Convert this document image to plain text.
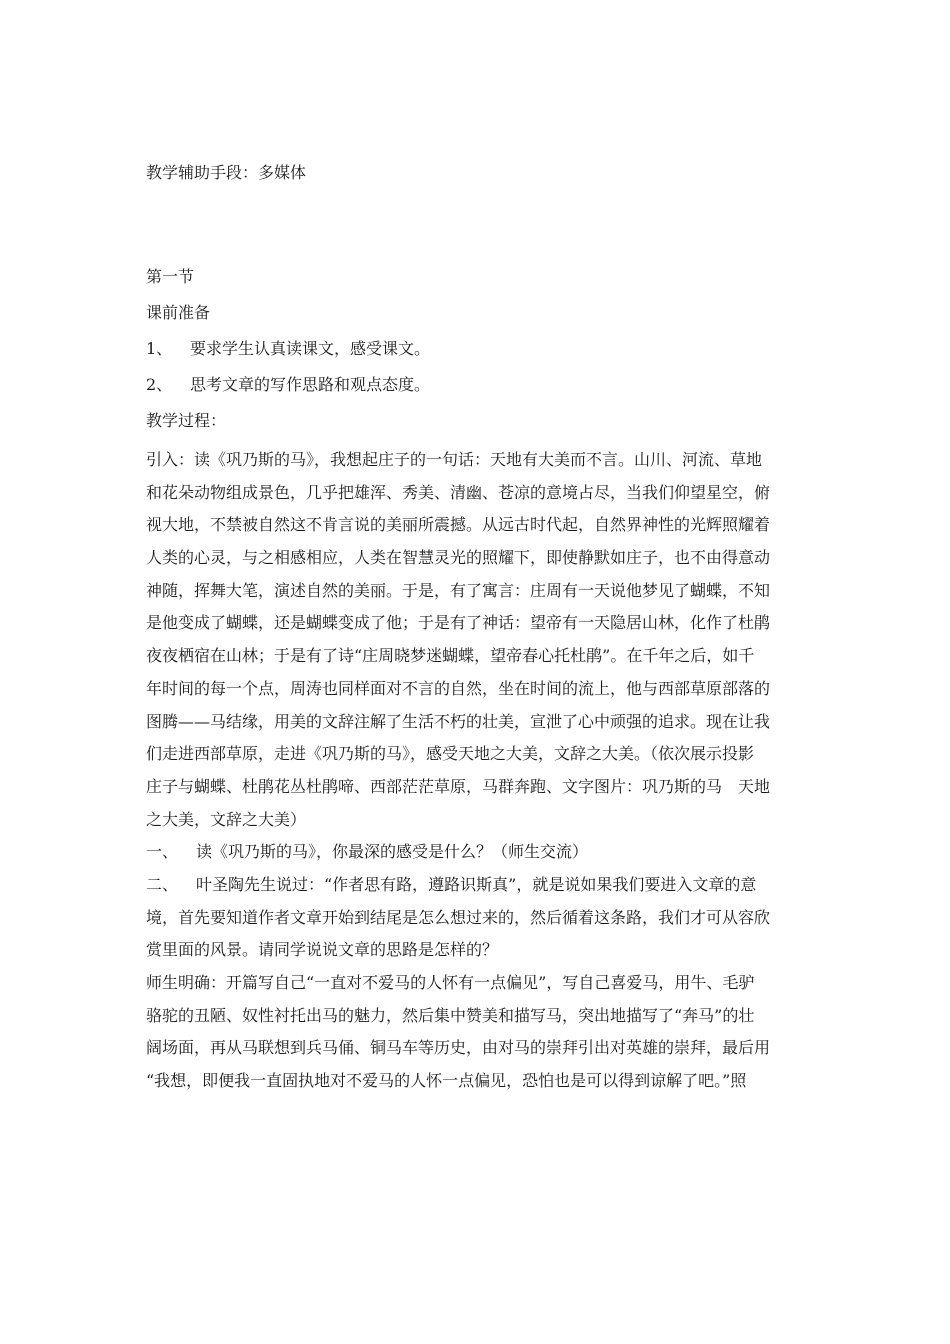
教学辅助手段：多媒体
第一节
课前准备
1、	要求学生认真读课文，感受课文。
2、	思考文章的写作思路和观点态度。
教学过程：
引入：读《巩乃斯的马》，我想起庄子的一句话：天地有大美而不言。山川、河流、草地
和花朵动物组成景色，几乎把雄浑、秀美、清幽、苍凉的意境占尽，当我们仰望星空，俯
视大地，不禁被自然这不肯言说的美丽所震撼。从远古时代起，自然界神性的光辉照耀着
人类的心灵，与之相感相应，人类在智慧灵光的照耀下，即使静默如庄子，也不由得意动
神随，挥舞大笔，演述自然的美丽。于是，有了寓言：庄周有一天说他梦见了蝴蝶，不知
是他变成了蝴蝶，还是蝴蝶变成了他；于是有了神话：望帝有一天隐居山林，化作了杜鹃
夜夜栖宿在山林；于是有了诗“庄周晓梦迷蝴蝶，望帝春心托杜鹃”。在千年之后，如千
年时间的每一个点，周涛也同样面对不言的自然，坐在时间的流上，他与西部草原部落的
图腾——马结缘，用美的文辞注解了生活不朽的壮美，宣泄了心中顽强的追求。现在让我
们走进西部草原，走进《巩乃斯的马》，感受天地之大美，文辞之大美。（依次展示投影
庄子与蝴蝶、杜鹃花丛杜鹃啼、西部茫茫草原，马群奔跑、文字图片：巩乃斯的马　天地
之大美，文辞之大美）
一、	读《巩乃斯的马》，你最深的感受是什么？（师生交流）
二、	叶圣陶先生说过：“作者思有路，遵路识斯真”，就是说如果我们要进入文章的意
境，首先要知道作者文章开始到结尾是怎么想过来的，然后循着这条路，我们才可从容欣
赏里面的风景。请同学说说文章的思路是怎样的？
师生明确：开篇写自己“一直对不爱马的人怀有一点偏见”，写自己喜爱马，用牛、毛驴
骆驼的丑陋、奴性衬托出马的魅力，然后集中赞美和描写马，突出地描写了“奔马”的壮
阔场面，再从马联想到兵马俑、铜马车等历史，由对马的崇拜引出对英雄的崇拜，最后用
“我想，即便我一直固执地对不爱马的人怀一点偏见，恐怕也是可以得到谅解了吧。”照
